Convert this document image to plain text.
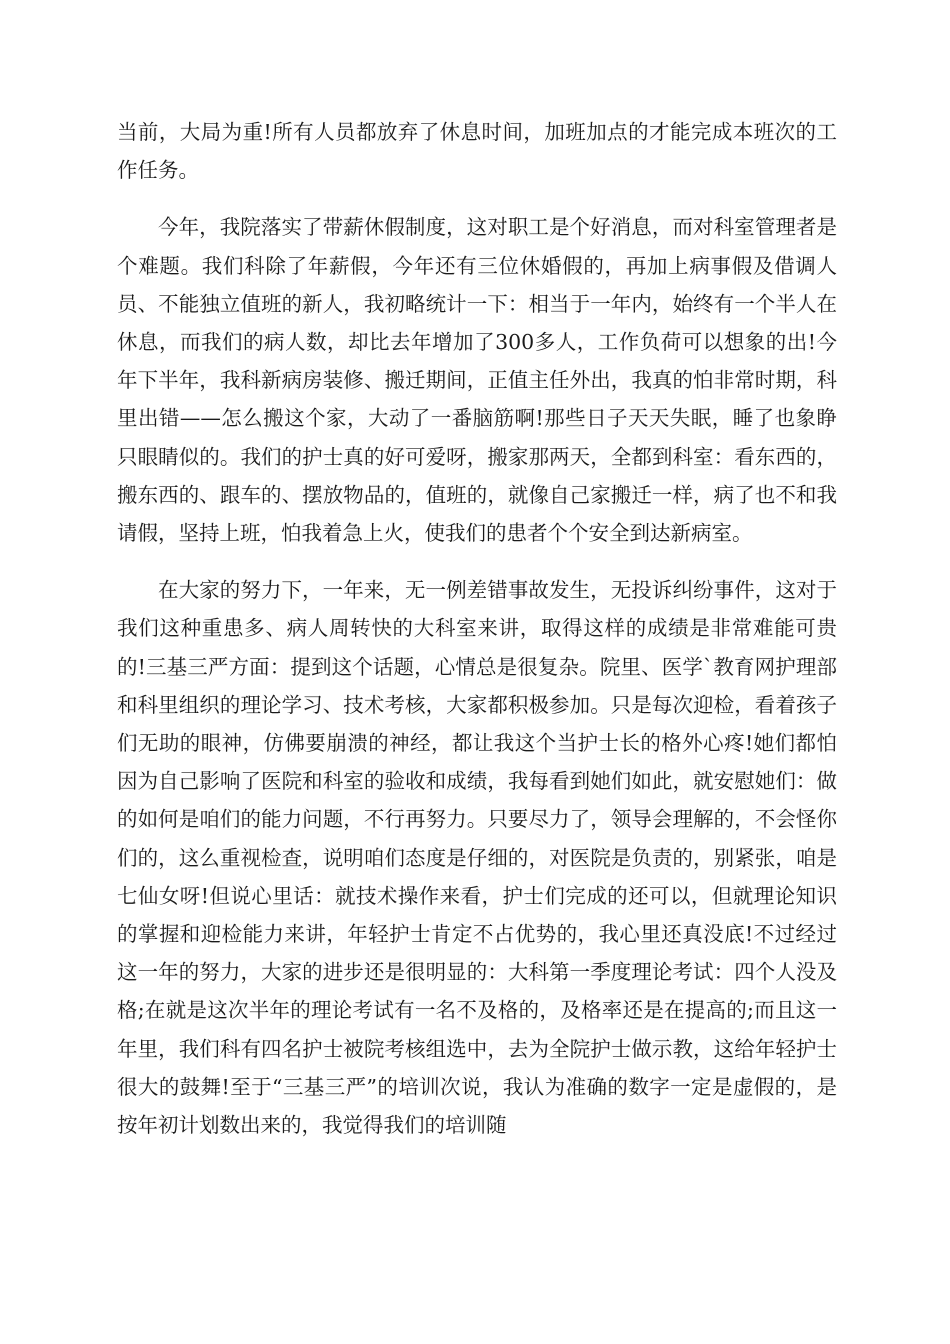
当前，大局为重!所有人员都放弃了休息时间，加班加点的才能完成本班次的工作任务。

今年，我院落实了带薪休假制度，这对职工是个好消息，而对科室管理者是个难题。我们科除了年薪假，今年还有三位休婚假的，再加上病事假及借调人员、不能独立值班的新人，我初略统计一下：相当于一年内，始终有一个半人在休息，而我们的病人数，却比去年增加了300多人，工作负荷可以想象的出!今年下半年，我科新病房装修、搬迁期间，正值主任外出，我真的怕非常时期，科里出错——怎么搬这个家，大动了一番脑筋啊!那些日子天天失眠，睡了也象睁只眼睛似的。我们的护士真的好可爱呀，搬家那两天，全都到科室：看东西的，搬东西的、跟车的、摆放物品的，值班的，就像自己家搬迁一样，病了也不和我请假，坚持上班，怕我着急上火，使我们的患者个个安全到达新病室。

在大家的努力下，一年来，无一例差错事故发生，无投诉纠纷事件，这对于我们这种重患多、病人周转快的大科室来讲，取得这样的成绩是非常难能可贵的!三基三严方面：提到这个话题，心情总是很复杂。院里、医学`教育网护理部和科里组织的理论学习、技术考核，大家都积极参加。只是每次迎检，看着孩子们无助的眼神，仿佛要崩溃的神经，都让我这个当护士长的格外心疼!她们都怕因为自己影响了医院和科室的验收和成绩，我每看到她们如此，就安慰她们：做的如何是咱们的能力问题，不行再努力。只要尽力了，领导会理解的，不会怪你们的，这么重视检查，说明咱们态度是仔细的，对医院是负责的，别紧张，咱是七仙女呀!但说心里话：就技术操作来看，护士们完成的还可以，但就理论知识的掌握和迎检能力来讲，年轻护士肯定不占优势的，我心里还真没底!不过经过这一年的努力，大家的进步还是很明显的：大科第一季度理论考试：四个人没及格;在就是这次半年的理论考试有一名不及格的，及格率还是在提高的;而且这一年里，我们科有四名护士被院考核组选中，去为全院护士做示教，这给年轻护士很大的鼓舞!至于“三基三严”的培训次说，我认为准确的数字一定是虚假的，是按年初计划数出来的，我觉得我们的培训随
